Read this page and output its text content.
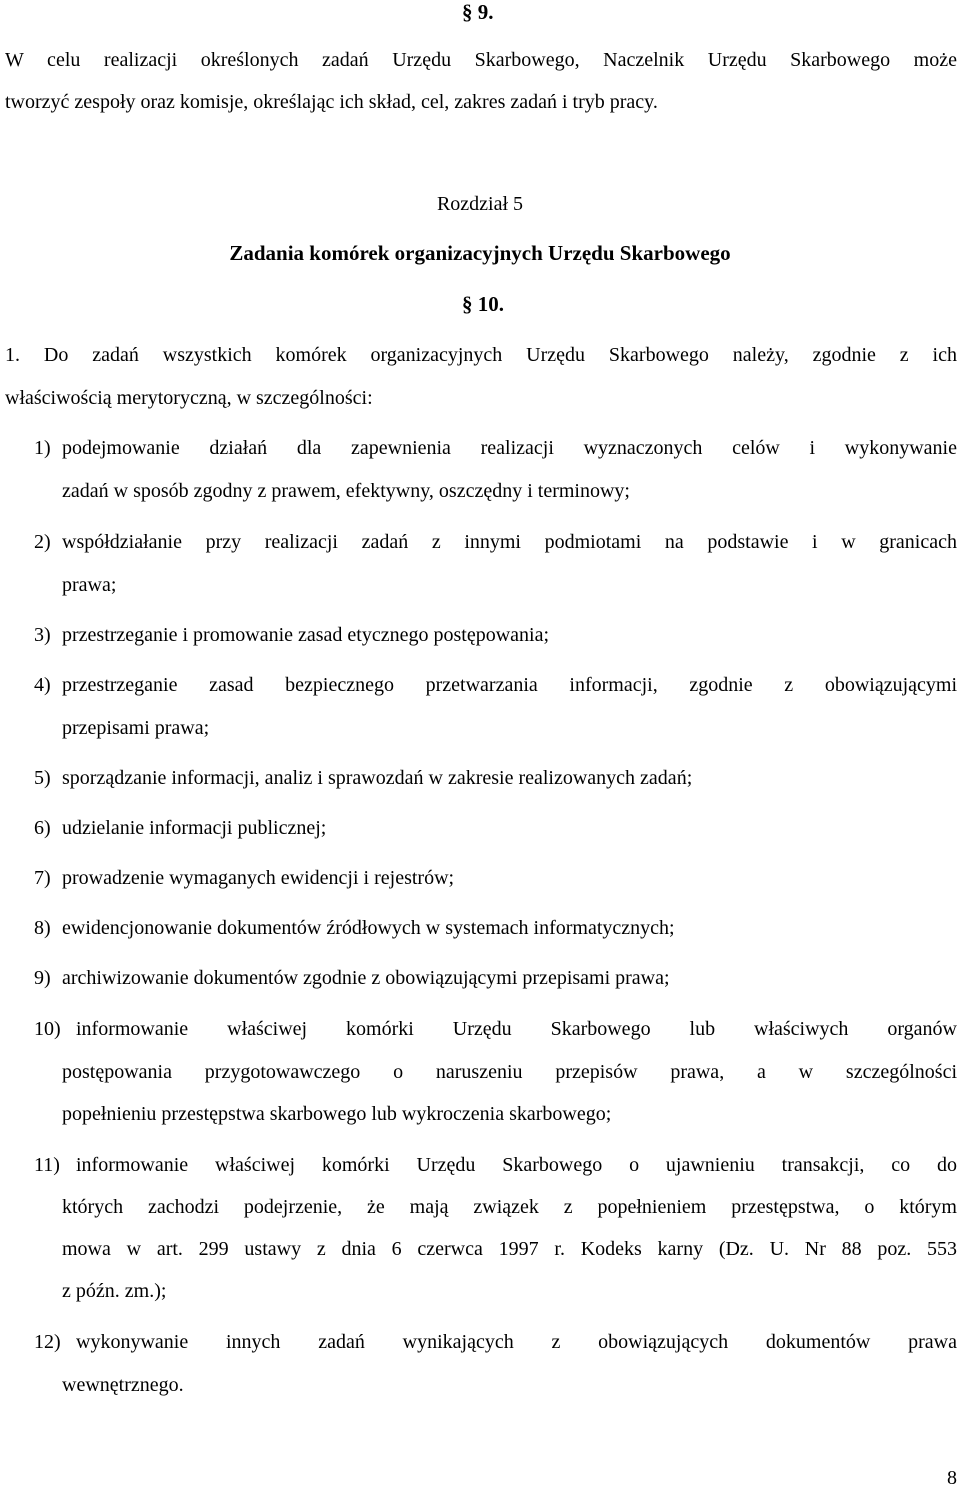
§ 9.
W celu realizacji określonych zadań Urzędu Skarbowego, Naczelnik Urzędu Skarbowego może
tworzyć zespoły oraz komisje, określając ich skład, cel, zakres zadań i tryb pracy.
Rozdział 5
Zadania komórek organizacyjnych Urzędu Skarbowego
§ 10.
1. Do zadań wszystkich komórek organizacyjnych Urzędu Skarbowego należy, zgodnie z ich
właściwością merytoryczną, w szczególności:
1) podejmowanie działań dla zapewnienia realizacji wyznaczonych celów i wykonywanie
zadań w sposób zgodny z prawem, efektywny, oszczędny i terminowy;
2) współdziałanie przy realizacji zadań z innymi podmiotami na podstawie i w granicach
prawa;
3) przestrzeganie i promowanie zasad etycznego postępowania;
4) przestrzeganie zasad bezpiecznego przetwarzania informacji, zgodnie z obowiązującymi
przepisami prawa;
5) sporządzanie informacji, analiz i sprawozdań w zakresie realizowanych zadań;
6) udzielanie informacji publicznej;
7) prowadzenie wymaganych ewidencji i rejestrów;
8) ewidencjonowanie dokumentów źródłowych w systemach informatycznych;
9) archiwizowanie dokumentów zgodnie z obowiązującymi przepisami prawa;
10) informowanie właściwej komórki Urzędu Skarbowego lub właściwych organów
postępowania przygotowawczego o naruszeniu przepisów prawa, a w szczególności
popełnieniu przestępstwa skarbowego lub wykroczenia skarbowego;
11) informowanie właściwej komórki Urzędu Skarbowego o ujawnieniu transakcji, co do
których zachodzi podejrzenie, że mają związek z popełnieniem przestępstwa, o którym
mowa w art. 299 ustawy z dnia 6 czerwca 1997 r. Kodeks karny (Dz. U. Nr 88 poz. 553
z późn. zm.);
12) wykonywanie innych zadań wynikających z obowiązujących dokumentów prawa
wewnętrznego.
8
